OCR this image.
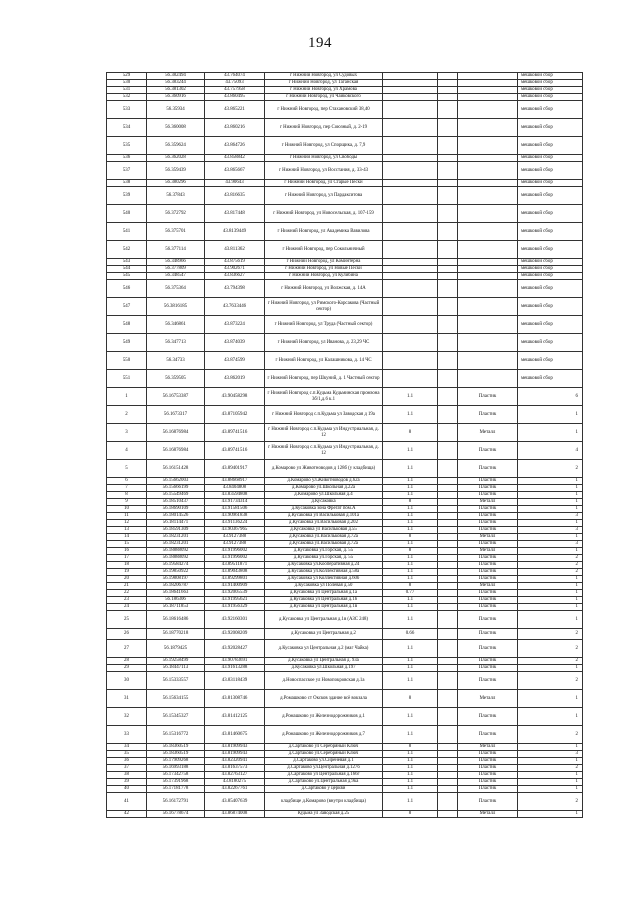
194
529	56.382494	43.764074	г Нижний Новгород, ул Судовых				мешковой сбор
530	56.383244	43.75093	г Нижний Новгород, ул Таганская				мешковой сбор
531	56.381302	43.757958	г Нижний Новгород, ул Храмова				мешковой сбор
532	56.360916	43.860495	г Нижний Новгород, ул Чайковского				мешковой сбор
533	56.35934	43.865221	г Нижний Новгород, пер Стахановский 38,40				мешковой сбор
534	56.360008	43.860216	г Нижний Новгород, пер Союзный, д. 2-19				мешковой сбор
535	56.359624	43.864726	г Нижний Новгород, ул Спорщика, д. 7,9				мешковой сбор
536	56.362028	43.858842	г Нижний Новгород, ул Свободы				мешковой сбор
537	56.359439	43.865667	г Нижний Новгород, ул Восстания, д. 33-43				мешковой сбор
538	56.380296	43.90643	г Нижний Новгород, ул Старые Пески				мешковой сбор
539	56.37843	43.816635	г Нижний Новгород, ул Пардакситова				мешковой сбор
540	56.372792	43.817448	г Нижний Новгород, ул Новосельская, д. 107-159				мешковой сбор
541	56.375701	43.8139449	г Нижний Новгород, ул Академика Вавилова				мешковой сбор
542	56.377114	43.811362	г Нижний Новгород, пер Сокольничный				мешковой сбор
543	56.348966	43.875619	г Нижний Новгород, ул Коминтерна				мешковой сбор
544	56.377809	43.902671	г Нижний Новгород, ул Новые Пески				мешковой сбор
545	56.348547	43.836627	г Нижний Новгород, ул Кулибина				мешковой сбор
546	56.375364	43.794398	г Нижний Новгород, ул Волжская, д. 14А				мешковой сбор
547	56.3816185	43.7633446	г Нижний Новгород, ул Римского-Корсакова (Частный сектор)				мешковой сбор
548	56.346861	43.873224	г Нижний Новгород, ул Труда (Частный сектор)				мешковой сбор
549	56.347713	43.874039	г Нижний Новгород, ул Иванова, д. 23,29 ЧС				мешковой сбор
550	56.34733	43.874599	г Нижний Новгород, ул Калашникова, д. 14 ЧС				мешковой сбор
551	56.359505	43.862019	г Нижний Новгород, пер Шкуний, д. 1 Частный сектор				мешковой сбор
1	56.16753387	43.90458298	г Нижний Новгород с.п.Кудьма Кудьминская промзона 3б/1,д.6 к.1	1.1		Пластик	6
2	56.1673317	43.87105942	г Нижний Новгород с.п.Кудьма ул Заводская д 19а	1.1		Пластик	1
3	56.16876984	43.89741516	г Нижний Новгород с.п.Кудьма ул Индустриальная, д. 12	8		Металл	1
4	56.16876984	43.89741516	г Нижний Новгород с.п.Кудьма ул Индустриальная, д. 12	1.1		Пластик	4
5	56.16151428	43.89401917	д.Комарово ул Животноводов д 128б (у кладбища)	1.1		Пластик	2
6	56.15662003	43.88668917	д.Комарово ул.Животноводов д.62а	1.1		Пластик	1
7	56.15666199	43.8404808	д.Комарово ул.Школьная д.22а	1.1		Пластик	1
8	56.15549469	43.83594808	д.Комарово ул.Школьная д.4	1.1		Пластик	1
9	56.18510437	43.91734314	д.Кусаковка	8		Металл	1
10	56.18690109	43.91581506	д.Кусаковка зона Фрегат пом.А	1.1		Пластик	1
11	56.18014526	43.90961838	д.Кусаковка ул Васильковая д.101а	1.1		Пластик	3
12	56.18114471	43.91136224	д.Кусаковка ул.Васильковая д.202	1.1		Пластик	1
13	56.18591309	43.90367965	д.Кусаковка ул Васильковая д.55	1.1		Пластик	3
14	56.18231201	43.9127388	д.Кусаковка ул.Васильковая д.72а	8		Металл	1
15	56.18231201	43.9127388	д.Кусаковка ул.Васильковая д.72а	1.1		Пластик	3
16	56.18888092	43.91996002	д.Кусаковка ул.Горская, д. 55	8		Металл	1
17	56.18888092	43.91996002	д.Кусаковка ул.Горская, д. 55	1.1		Пластик	2
18	56.19584274	43.89511871	д.Кусаковка ул.Кооперативная д.24	1.1		Пластик	2
19	56.19850922	43.89043808	д.Кусаковка ул.Коллективная д.58а	1.1		Пластик	2
20	56.19808197	43.89299801	д.Кусаковка ул Коллективная д.60б	1.1		Пластик	1
21	56.18206787	43.91400909	д.Кусаковка ул Полевая д.50	8		Металл	1
22	56.18641663	43.92005539	д.Кусаковка ул Центральная д.1а	0.77		Пластик	1
23	56.186306	43.91995621	д.Кусаковка ул Центральная д.1б	1.1		Пластик	1
24	56.18711853	43.91956329	д.Кусаковка ул Центральная д.1в	1.1		Пластик	1
25	56.18616486	43.92160301	д.Кусаковка ул Центральная д.1в (АЗС 248)	1.1		Пластик	1
26	56.18770218	43.92008209	д.Кусаковка ул Центральная д.2	0.66		Пластик	2
27	56.1879425	43.92028427	д.Кусаковка ул Центральная д.2 (маг Чайка)	1.1		Пластик	2
28	56.19258499	43.90783691	д.Кусаковка ул Центральная д. 93а	1.1		Пластик	2
29	56.18447113	43.91613288	д.Кусаковка ул.Школьная д.197	1.1		Пластик	1
30	56.15333557	43.83118439	д.Новоспасское ул Новопокровская д.1а	1.1		Пластик	2
31	56.15634155	43.81308746	д.Ромашково ст Оксков здание всё вокзала	8		Металл	1
32	56.15345327	43.81412125	д.Ромашково ул Железнодорожников д.1	1.1		Пластик	1
33	56.15316772	43.81460675	д.Ромашково ул Железнодорожников д.7	1.1		Пластик	2
34	56.18360519	43.81909943	д.Сартаково ул Серебряный Ключ	8		Металл	1
35	56.18360519	43.81909943	д.Сартаково ул.Серебряный Ключ	1.1		Пластик	3
36	56.17909268	43.82320941	д.Сартаково ул.Сиреневая д.1	1.1		Пластик	1
37	56.16993188	43.81637573	д.Сартаково ул.Центральная д.127б	1.1		Пластик	2
38	56.17342758	43.82763127	д.Сартаково ул Центральная д.166г	1.1		Пластик	1
39	56.17391968	43.8180275	д.Сартаково ул.Центральная д.9ка	1.1		Пластик	1
40	56.17181778	43.82267761	д.Сартаково у церкви	1.1		Пластик	1
41	56.16172791	43.85407639	кладбище д.Комарово (внутри кладбища)	1.1		Пластик	2
42	56.16778674	43.86874008	Кудьма ул Заводская д.25	8		Металл	1
